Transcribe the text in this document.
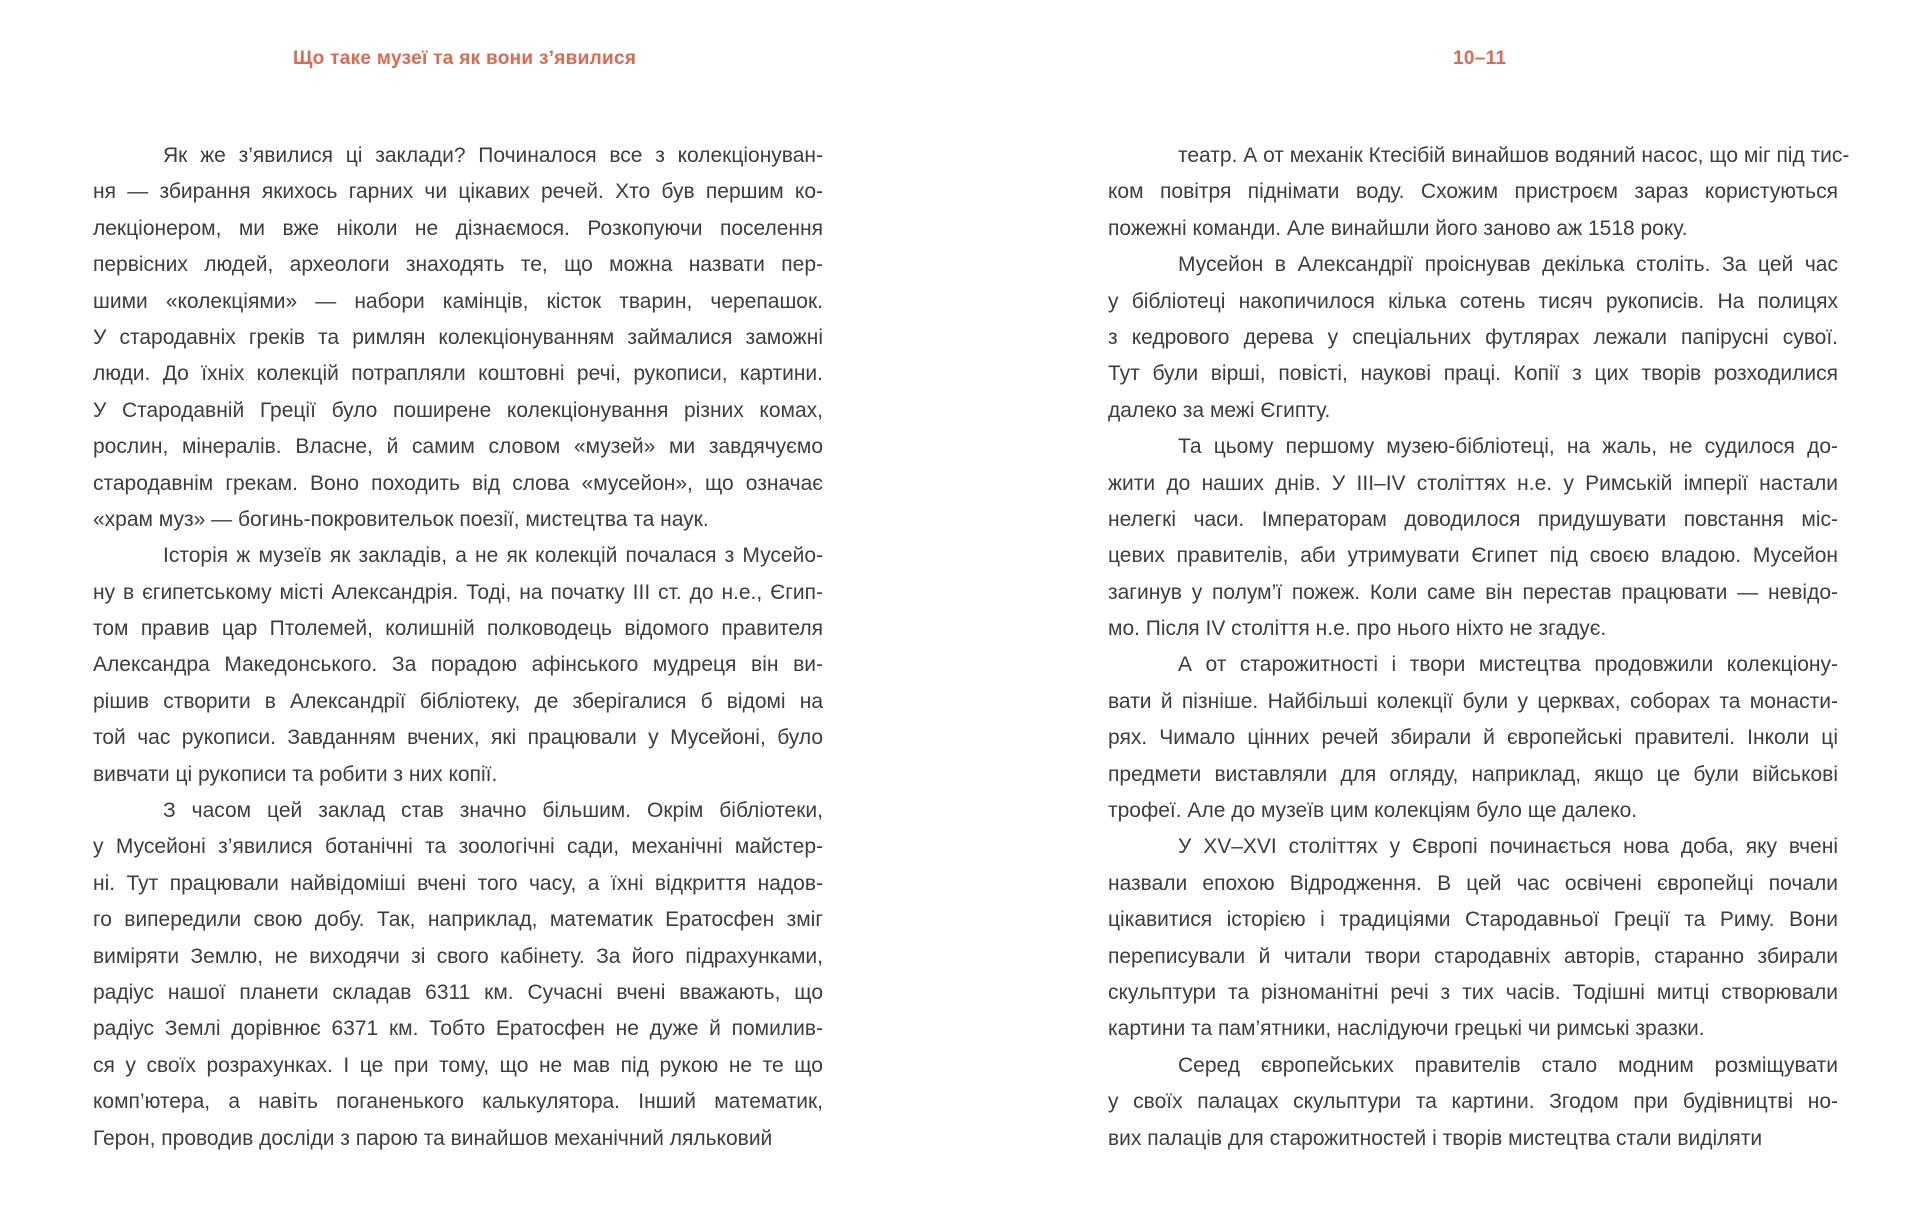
Що таке музеї та як вони з’явилися	10–11
Як же з’явилися ці заклади? Починалося все з колекціонуван-
ня — збирання якихось гарних чи цікавих речей. Хто був першим ко-
лекціонером, ми вже ніколи не дізнаємося. Розкопуючи поселення
первісних людей, археологи знаходять те, що можна назвати пер-
шими «колекціями» — набори камінців, кісток тварин, черепашок.
У стародавніх греків та римлян колекціонуванням займалися заможні
люди. До їхніх колекцій потрапляли коштовні речі, рукописи, картини.
У Стародавній Греції було поширене колекціонування різних комах,
рослин, мінералів. Власне, й самим словом «музей» ми завдячуємо
стародавнім грекам. Воно походить від слова «мусейон», що означає
«храм муз» — богинь-покровительок поезії, мистецтва та наук.
Історія ж музеїв як закладів, а не як колекцій почалася з Мусейо-
ну в єгипетському місті Александрія. Тоді, на початку III ст. до н.е., Єгип-
том правив цар Птолемей, колишній полководець відомого правителя
Александра Македонського. За порадою афінського мудреця він ви-
рішив створити в Александрії бібліотеку, де зберігалися б відомі на
той час рукописи. Завданням вчених, які працювали у Мусейоні, було
вивчати ці рукописи та робити з них копії.
З часом цей заклад став значно більшим. Окрім бібліотеки,
у Мусейоні з’явилися ботанічні та зоологічні сади, механічні майстер-
ні. Тут працювали найвідоміші вчені того часу, а їхні відкриття надов-
го випередили свою добу. Так, наприклад, математик Ератосфен зміг
виміряти Землю, не виходячи зі свого кабінету. За його підрахунками,
радіус нашої планети складав 6311 км. Сучасні вчені вважають, що
радіус Землі дорівнює 6371 км. Тобто Ератосфен не дуже й помилив-
ся у своїх розрахунках. І це при тому, що не мав під рукою не те що
комп’ютера, а навіть поганенького калькулятора. Інший математик,
Герон, проводив досліди з парою та винайшов механічний ляльковий
театр. А от механік Ктесібій винайшов водяний насос, що міг під тис-
ком повітря піднімати воду. Схожим пристроєм зараз користуються
пожежні команди. Але винайшли його заново аж 1518 року.
Мусейон в Александрії проіснував декілька століть. За цей час
у бібліотеці накопичилося кілька сотень тисяч рукописів. На полицях
з кедрового дерева у спеціальних футлярах лежали папірусні сувої.
Тут були вірші, повісті, наукові праці. Копії з цих творів розходилися
далеко за межі Єгипту.
Та цьому першому музею-бібліотеці, на жаль, не судилося до-
жити до наших днів. У III–IV століттях н.е. у Римській імперії настали
нелегкі часи. Імператорам доводилося придушувати повстання міс-
цевих правителів, аби утримувати Єгипет під своєю владою. Мусейон
загинув у полум’ї пожеж. Коли саме він перестав працювати — невідо-
мо. Після IV століття н.е. про нього ніхто не згадує.
А от старожитності і твори мистецтва продовжили колекціону-
вати й пізніше. Найбільші колекції були у церквах, соборах та монасти-
рях. Чимало цінних речей збирали й європейські правителі. Інколи ці
предмети виставляли для огляду, наприклад, якщо це були військові
трофеї. Але до музеїв цим колекціям було ще далеко.
У XV–XVI століттях у Європі починається нова доба, яку вчені
назвали епохою Відродження. В цей час освічені європейці почали
цікавитися історією і традиціями Стародавньої Греції та Риму. Вони
переписували й читали твори стародавніх авторів, старанно збирали
скульптури та різноманітні речі з тих часів. Тодішні митці створювали
картини та пам’ятники, наслідуючи грецькі чи римські зразки.
Серед європейських правителів стало модним розміщувати
у своїх палацах скульптури та картини. Згодом при будівництві но-
вих палаців для старожитностей і творів мистецтва стали виділяти
